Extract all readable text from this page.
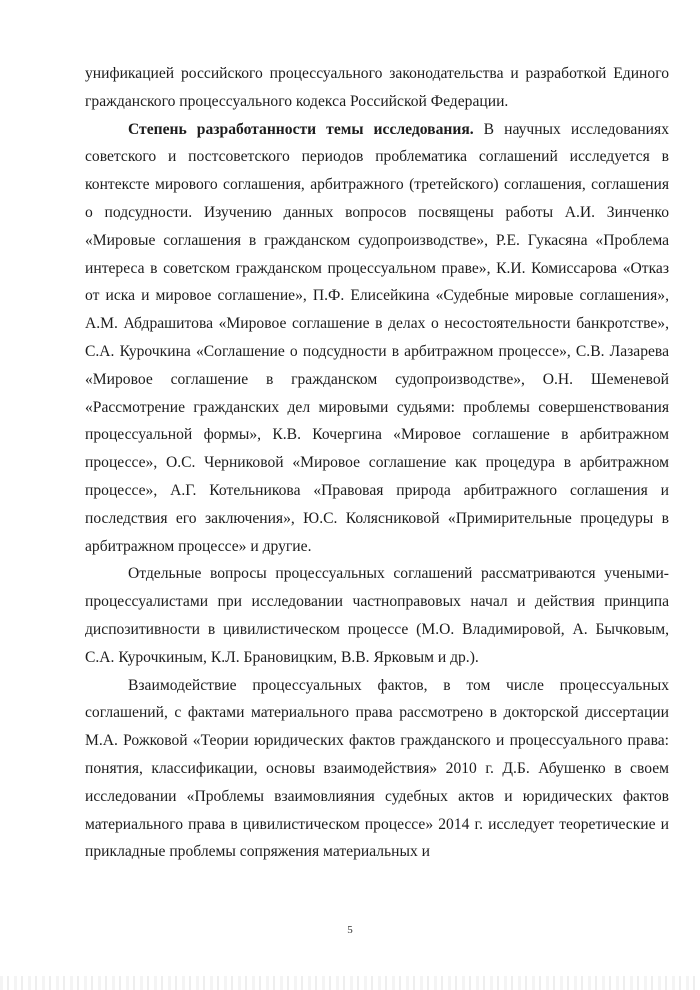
унификацией российского процессуального законодательства и разработкой Единого гражданского процессуального кодекса Российской Федерации.

Степень разработанности темы исследования. В научных исследованиях советского и постсоветского периодов проблематика соглашений исследуется в контексте мирового соглашения, арбитражного (третейского) соглашения, соглашения о подсудности. Изучению данных вопросов посвящены работы А.И. Зинченко «Мировые соглашения в гражданском судопроизводстве», Р.Е. Гукасяна «Проблема интереса в советском гражданском процессуальном праве», К.И. Комиссарова «Отказ от иска и мировое соглашение», П.Ф. Елисейкина «Судебные мировые соглашения», А.М. Абдрашитова «Мировое соглашение в делах о несостоятельности банкротстве», С.А. Курочкина «Соглашение о подсудности в арбитражном процессе», С.В. Лазарева «Мировое соглашение в гражданском судопроизводстве», О.Н. Шеменевой «Рассмотрение гражданских дел мировыми судьями: проблемы совершенствования процессуальной формы», К.В. Кочергина «Мировое соглашение в арбитражном процессе», О.С. Черниковой «Мировое соглашение как процедура в арбитражном процессе», А.Г. Котельникова «Правовая природа арбитражного соглашения и последствия его заключения», Ю.С. Колясниковой «Примирительные процедуры в арбитражном процессе» и другие.

Отдельные вопросы процессуальных соглашений рассматриваются учеными-процессуалистами при исследовании частноправовых начал и действия принципа диспозитивности в цивилистическом процессе (М.О. Владимировой, А. Бычковым, С.А. Курочкиным, К.Л. Брановицким, В.В. Ярковым и др.).

Взаимодействие процессуальных фактов, в том числе процессуальных соглашений, с фактами материального права рассмотрено в докторской диссертации М.А. Рожковой «Теории юридических фактов гражданского и процессуального права: понятия, классификации, основы взаимодействия» 2010 г. Д.Б. Абушенко в своем исследовании «Проблемы взаимовлияния судебных актов и юридических фактов материального права в цивилистическом процессе» 2014 г. исследует теоретические и прикладные проблемы сопряжения материальных и

5
